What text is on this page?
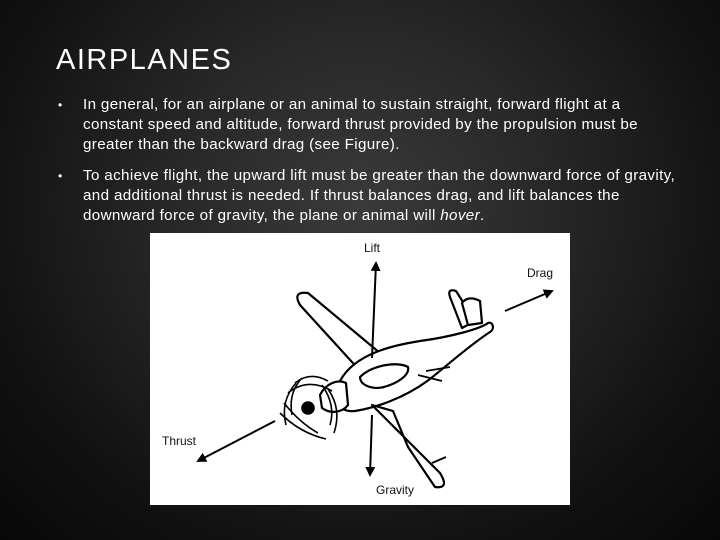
AIRPLANES
• In general, for an airplane or an animal to sustain straight, forward flight at a constant speed and altitude, forward thrust provided by the propulsion must be greater than the backward drag (see Figure).
• To achieve flight, the upward lift must be greater than the downward force of gravity, and additional thrust is needed. If thrust balances drag, and lift balances the downward force of gravity, the plane or animal will hover.
Lift
Drag
Thrust
Gravity
